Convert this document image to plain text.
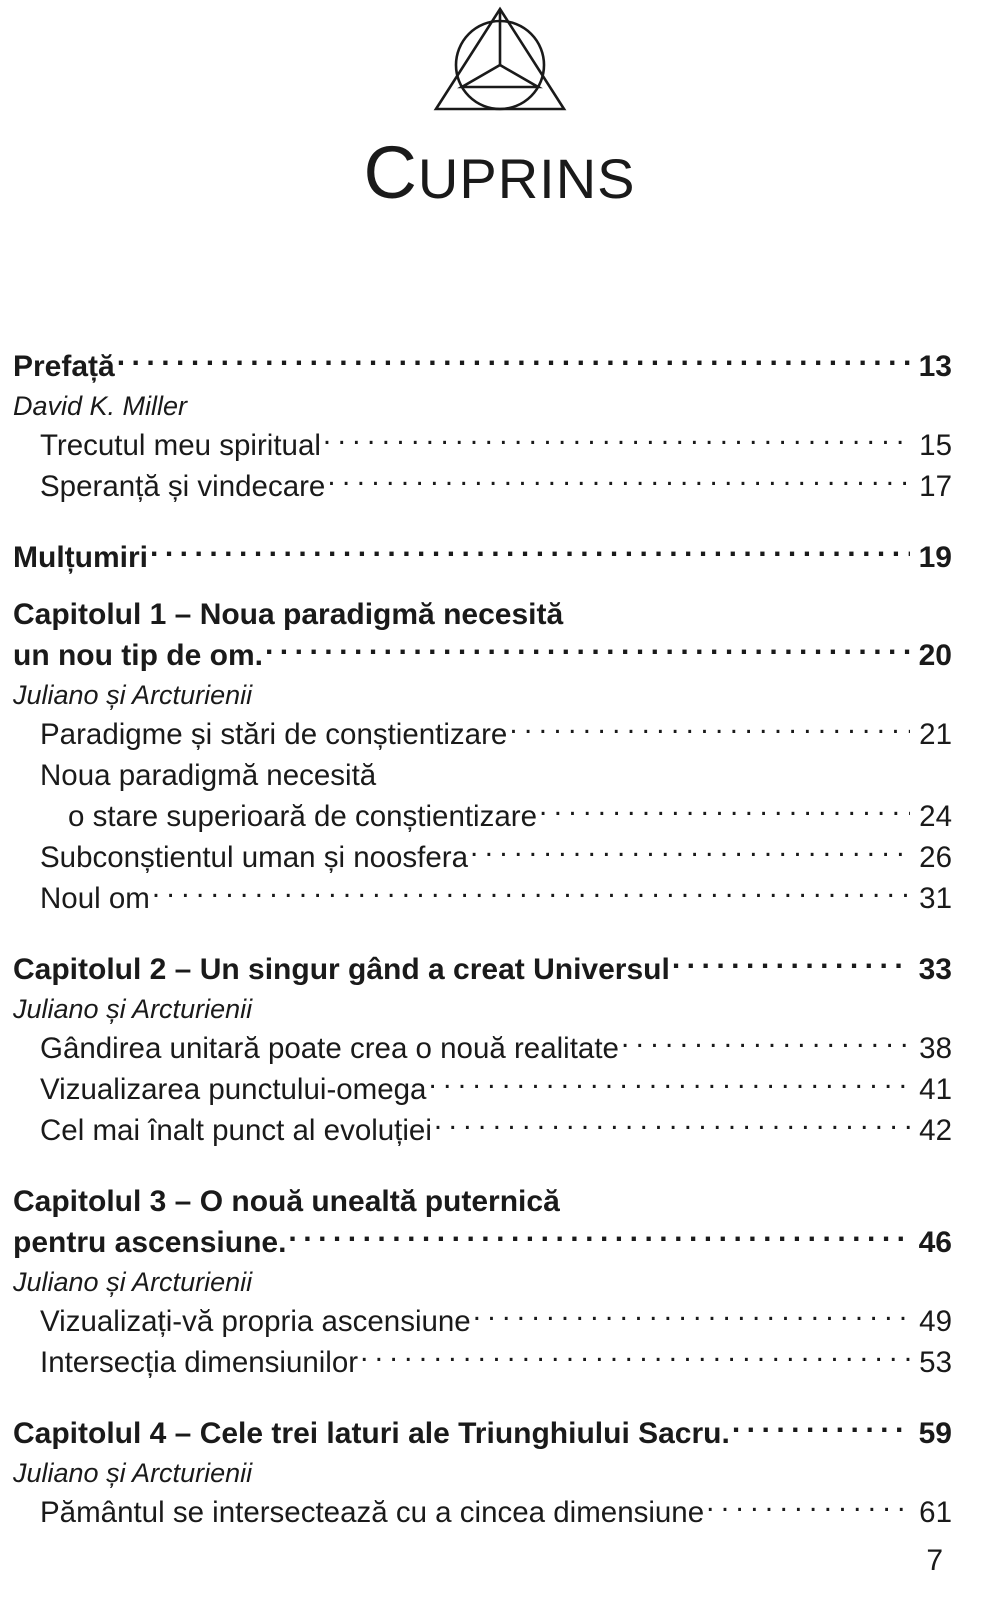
CUPRINS
Prefață .....	13
David K. Miller
Trecutul meu spiritual .....	15
Speranță și vindecare .....	17
Mulțumiri .....	19
Capitolul 1 – Noua paradigmă necesită
un nou tip de om. .....	20
Juliano și Arcturienii
Paradigme și stări de conștientizare .....	21
Noua paradigmă necesită
o stare superioară de conștientizare .....	24
Subconștientul uman și noosfera .....	26
Noul om .....	31
Capitolul 2 – Un singur gând a creat Universul .....	33
Juliano și Arcturienii
Gândirea unitară poate crea o nouă realitate .....	38
Vizualizarea punctului-omega .....	41
Cel mai înalt punct al evoluției .....	42
Capitolul 3 – O nouă unealtă puternică
pentru ascensiune. .....	46
Juliano și Arcturienii
Vizualizați-vă propria ascensiune .....	49
Intersecția dimensiunilor .....	53
Capitolul 4 – Cele trei laturi ale Triunghiului Sacru. .....	59
Juliano și Arcturienii
Pământul se intersectează cu a cincea dimensiune .....	61
7
